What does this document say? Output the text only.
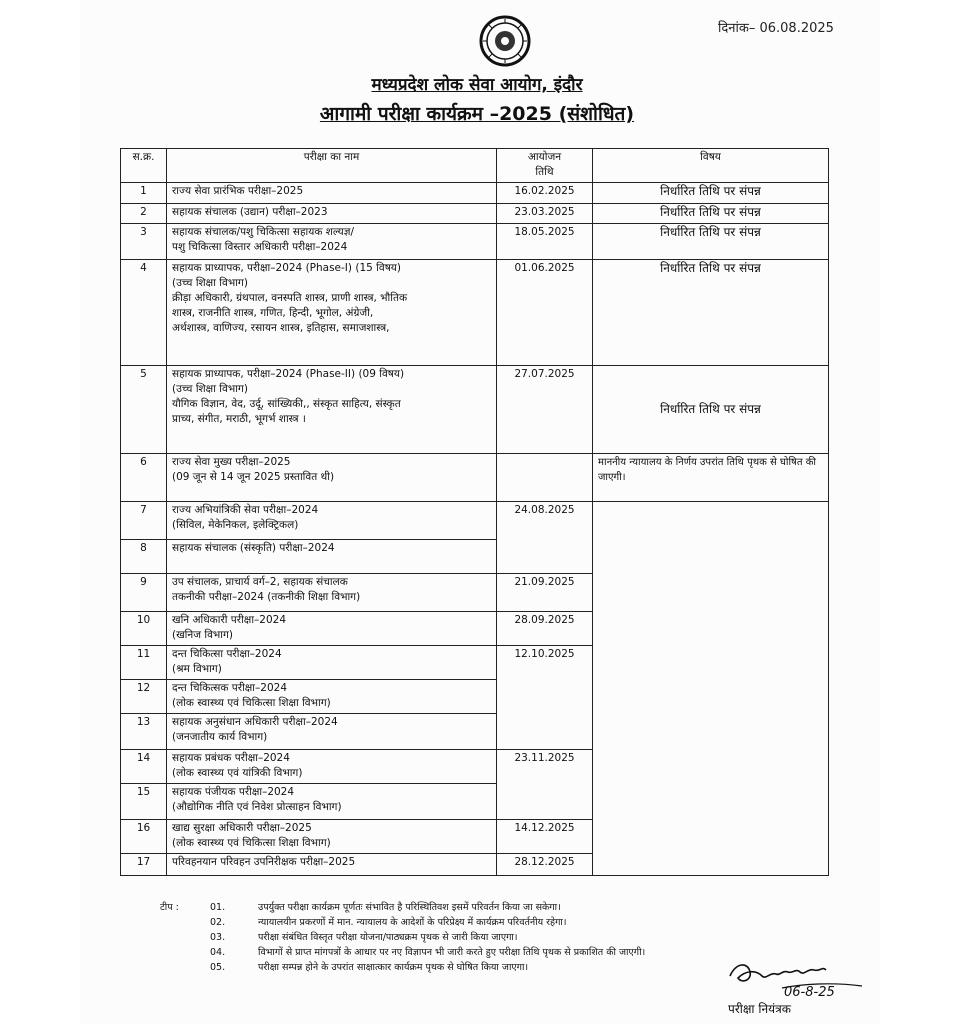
दिनांक– 06.08.2025
मध्यप्रदेश लोक सेवा आयोग, इंदौर
आगामी परीक्षा कार्यक्रम –2025 (संशोधित)
स.क्र.	परीक्षा का नाम	आयोजन
तिथि	विषय	
1	राज्य सेवा प्रारंभिक परीक्षा–2025	16.02.2025	निर्धारित तिथि पर संपन्न	
2	सहायक संचालक (उद्यान) परीक्षा–2023	23.03.2025	निर्धारित तिथि पर संपन्न	
3	सहायक संचालक/पशु चिकित्सा सहायक शल्यज्ञ/
पशु चिकित्सा विस्तार अधिकारी परीक्षा–2024	18.05.2025	निर्धारित तिथि पर संपन्न	
4	सहायक प्राध्यापक, परीक्षा–2024 (Phase-I) (15 विषय)
(उच्च शिक्षा विभाग)
क्रीड़ा अधिकारी, ग्रंथपाल, वनस्पति शास्त्र, प्राणी शास्त्र, भौतिक
शास्त्र, राजनीति शास्त्र, गणित, हिन्दी, भूगोल, अंग्रेजी,
अर्थशास्त्र, वाणिज्य, रसायन शास्त्र, इतिहास, समाजशास्त्र,	01.06.2025	निर्धारित तिथि पर संपन्न	
5	सहायक प्राध्यापक, परीक्षा–2024 (Phase-II) (09 विषय)
(उच्च शिक्षा विभाग)
यौगिक विज्ञान, वेद, उर्दू, सांख्यिकी,, संस्कृत साहित्य, संस्कृत
प्राच्य, संगीत, मराठी, भूगर्भ शास्त्र ।	27.07.2025	निर्धारित तिथि पर संपन्न	
6	राज्य सेवा मुख्य परीक्षा–2025
(09 जून से 14 जून 2025 प्रस्तावित थी)		माननीय न्यायालय के निर्णय उपरांत तिथि पृथक से घोषित की जाएगी।	
7	राज्य अभियांत्रिकी सेवा परीक्षा–2024
(सिविल, मेकेनिकल, इलेक्ट्रिकल)	24.08.2025		
8	सहायक संचालक (संस्कृति) परीक्षा–2024			

9	उप संचालक, प्राचार्य वर्ग–2, सहायक संचालक
तकनीकी परीक्षा–2024 (तकनीकी शिक्षा विभाग)	21.09.2025		
10	खनि अधिकारी परीक्षा–2024
(खनिज विभाग)	28.09.2025		
11	दन्त चिकित्सा परीक्षा–2024
(श्रम विभाग)	12.10.2025		
12	दन्त चिकित्सक परीक्षा–2024
(लोक स्वास्थ्य एवं चिकित्सा शिक्षा विभाग)			

13	सहायक अनुसंधान अधिकारी परीक्षा–2024
(जनजातीय कार्य विभाग)			

14	सहायक प्रबंधक परीक्षा–2024
(लोक स्वास्थ्य एवं यांत्रिकी विभाग)	23.11.2025		
15	सहायक पंजीयक परीक्षा–2024
(औद्योगिक नीति एवं निवेश प्रोत्साहन विभाग)			

16	खाद्य सुरक्षा अधिकारी परीक्षा–2025
(लोक स्वास्थ्य एवं चिकित्सा शिक्षा विभाग)	14.12.2025		
17	परिवहनयान परिवहन उपनिरीक्षक परीक्षा–2025	28.12.2025		
टीप :	01.	उपर्युक्त परीक्षा कार्यक्रम पूर्णतः संभावित है परिस्थितिवश इसमें परिवर्तन किया जा सकेगा।
02.	न्यायालयीन प्रकरणों में मान. न्यायालय के आदेशों के परिप्रेक्ष्य में कार्यक्रम परिवर्तनीय रहेगा।
03.	परीक्षा संबंधित विस्तृत परीक्षा योजना/पाठ्यक्रम पृथक से जारी किया जाएगा।
04.	विभागों से प्राप्त मांगपत्रों के आधार पर नए विज्ञापन भी जारी करते हुए परीक्षा तिथि पृथक से प्रकाशित की जाएगी।
05.	परीक्षा सम्पन्न होने के उपरांत साक्षात्कार कार्यक्रम पृथक से घोषित किया जाएगा।
06-8-25
परीक्षा नियंत्रक
